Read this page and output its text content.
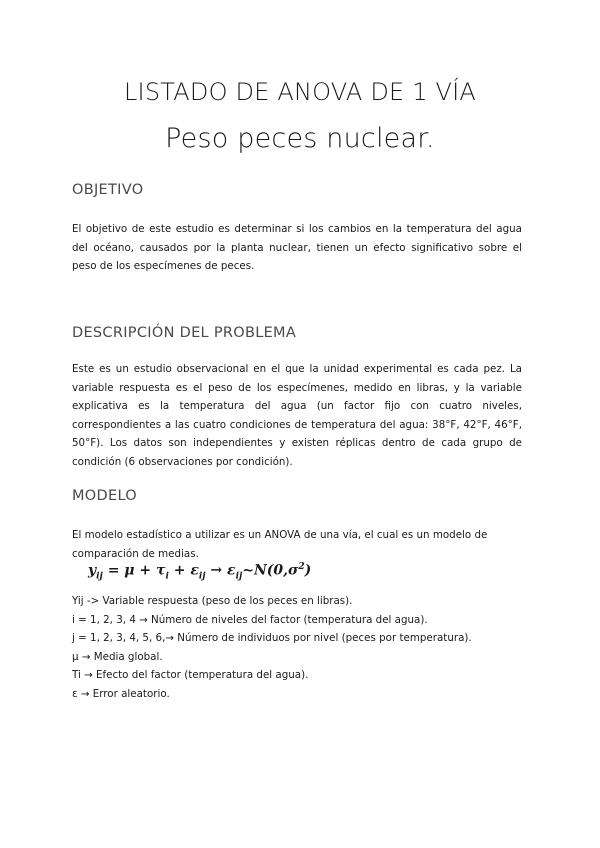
LISTADO DE ANOVA DE 1 VÍA
Peso peces nuclear.
OBJETIVO

El objetivo de este estudio es determinar si los cambios en la temperatura del agua del océano, causados por la planta nuclear, tienen un efecto significativo sobre el peso de los especímenes de peces.

DESCRIPCIÓN DEL PROBLEMA

Este es un estudio observacional en el que la unidad experimental es cada pez. La variable respuesta es el peso de los especímenes, medido en libras, y la variable explicativa es la temperatura del agua (un factor fijo con cuatro niveles, correspondientes a las cuatro condiciones de temperatura del agua: 38°F, 42°F, 46°F, 50°F). Los datos son independientes y existen réplicas dentro de cada grupo de condición (6 observaciones por condición).

MODELO

El modelo estadístico a utilizar es un ANOVA de una vía, el cual es un modelo de comparación de medias.

$y_{ij} = \mu + \tau_i + \varepsilon_{ij}$ → $\varepsilon_{ij}\sim N(0,\sigma^2)$
Yij -> Variable respuesta (peso de los peces en libras).
i = 1, 2, 3, 4 → Número de niveles del factor (temperatura del agua).
j = 1, 2, 3, 4, 5, 6,→ Número de individuos por nivel (peces por temperatura).
μ → Media global.
Ti → Efecto del factor (temperatura del agua).
ε → Error aleatorio.
